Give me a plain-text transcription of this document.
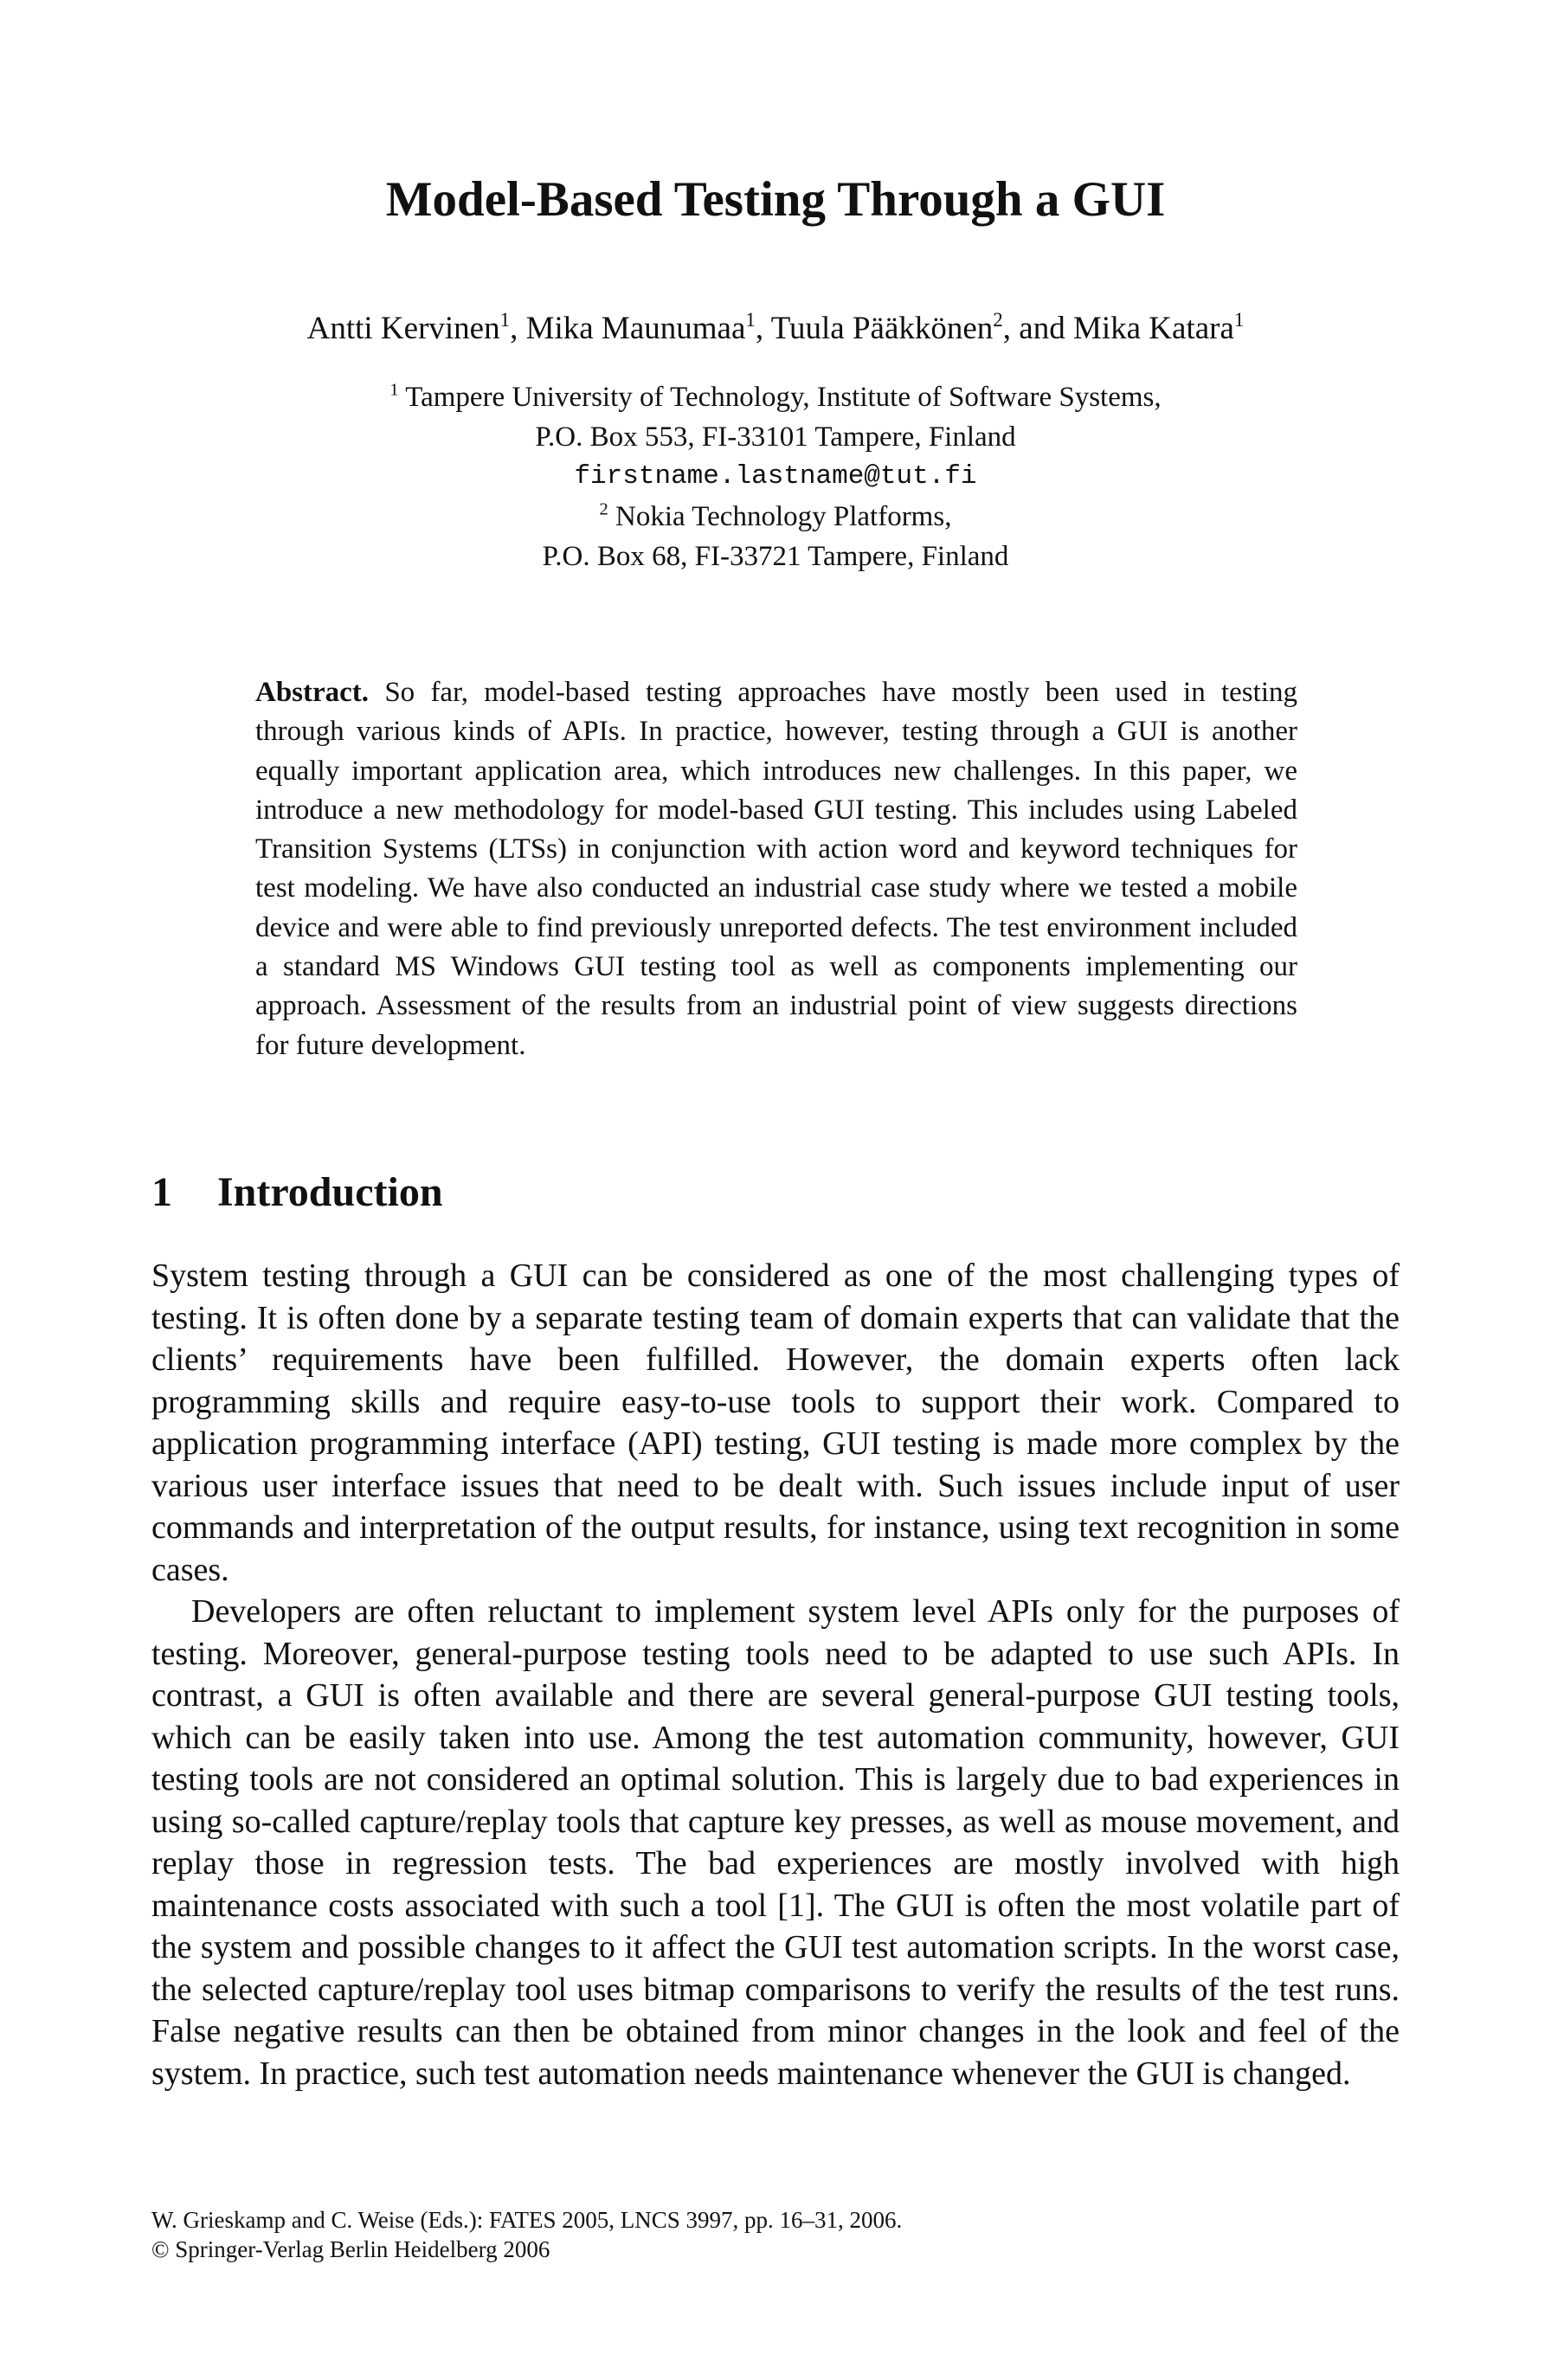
Model-Based Testing Through a GUI
Antti Kervinen$^1$, Mika Maunumaa$^1$, Tuula Pääkkönen$^2$, and Mika Katara$^1$
$^1$ Tampere University of Technology, Institute of Software Systems,
P.O. Box 553, FI-33101 Tampere, Finland
firstname.lastname@tut.fi
$^2$ Nokia Technology Platforms,
P.O. Box 68, FI-33721 Tampere, Finland

Abstract. So far, model-based testing approaches have mostly been used in testing through various kinds of APIs. In practice, however, testing through a GUI is another equally important application area, which introduces new challenges. In this paper, we introduce a new methodology for model-based GUI testing. This includes using Labeled Transition Systems (LTSs) in conjunction with action word and keyword techniques for test modeling. We have also conducted an industrial case study where we tested a mobile device and were able to find previously unreported defects. The test environment included a standard MS Windows GUI testing tool as well as components implementing our approach. Assessment of the results from an industrial point of view suggests directions for future development.

1 Introduction

System testing through a GUI can be considered as one of the most challenging types of testing. It is often done by a separate testing team of domain experts that can validate that the clients’ requirements have been fulfilled. However, the domain experts often lack programming skills and require easy-to-use tools to support their work. Compared to application programming interface (API) testing, GUI testing is made more complex by the various user interface issues that need to be dealt with. Such issues include input of user commands and interpretation of the output results, for instance, using text recognition in some cases.

Developers are often reluctant to implement system level APIs only for the purposes of testing. Moreover, general-purpose testing tools need to be adapted to use such APIs. In contrast, a GUI is often available and there are several general-purpose GUI testing tools, which can be easily taken into use. Among the test automation community, however, GUI testing tools are not considered an optimal solution. This is largely due to bad experiences in using so-called capture/replay tools that capture key presses, as well as mouse movement, and replay those in regression tests. The bad experiences are mostly involved with high maintenance costs associated with such a tool [1]. The GUI is often the most volatile part of the system and possible changes to it affect the GUI test automation scripts. In the worst case, the selected capture/replay tool uses bitmap comparisons to verify the results of the test runs. False negative results can then be obtained from minor changes in the look and feel of the system. In practice, such test automation needs maintenance whenever the GUI is changed.

W. Grieskamp and C. Weise (Eds.): FATES 2005, LNCS 3997, pp. 16–31, 2006.
© Springer-Verlag Berlin Heidelberg 2006
